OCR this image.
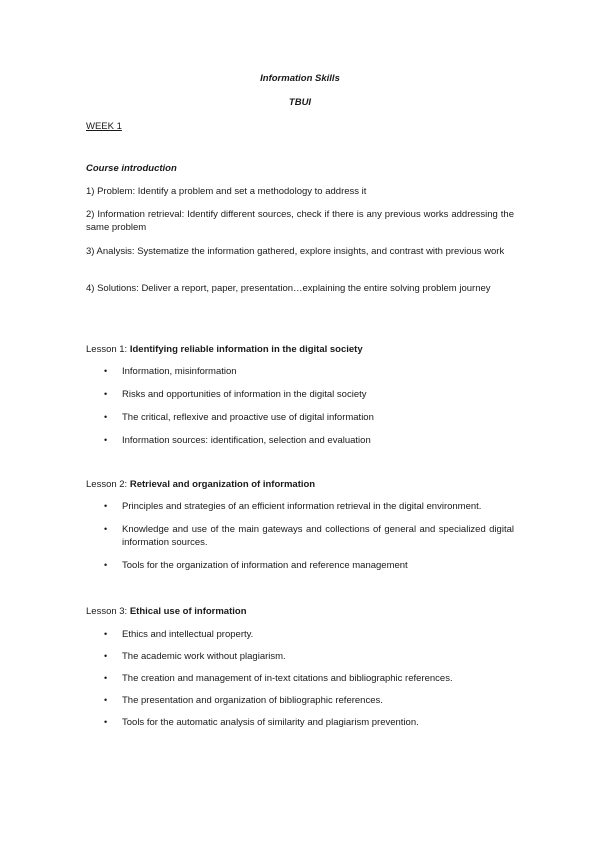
Information Skills
TBUI
WEEK 1
Course introduction
1) Problem: Identify a problem and set a methodology to address it
2) Information retrieval: Identify different sources, check if there is any previous works addressing the same problem
3) Analysis: Systematize the information gathered, explore insights, and contrast with previous work
4) Solutions: Deliver a report, paper, presentation…explaining the entire solving problem journey
Lesson 1: Identifying reliable information in the digital society
• Information, misinformation
• Risks and opportunities of information in the digital society
• The critical, reflexive and proactive use of digital information
• Information sources: identification, selection and evaluation
Lesson 2: Retrieval and organization of information
• Principles and strategies of an efficient information retrieval in the digital environment.
• Knowledge and use of the main gateways and collections of general and specialized digital information sources.
• Tools for the organization of information and reference management
Lesson 3: Ethical use of information
• Ethics and intellectual property.
• The academic work without plagiarism.
• The creation and management of in-text citations and bibliographic references.
• The presentation and organization of bibliographic references.
• Tools for the automatic analysis of similarity and plagiarism prevention.
